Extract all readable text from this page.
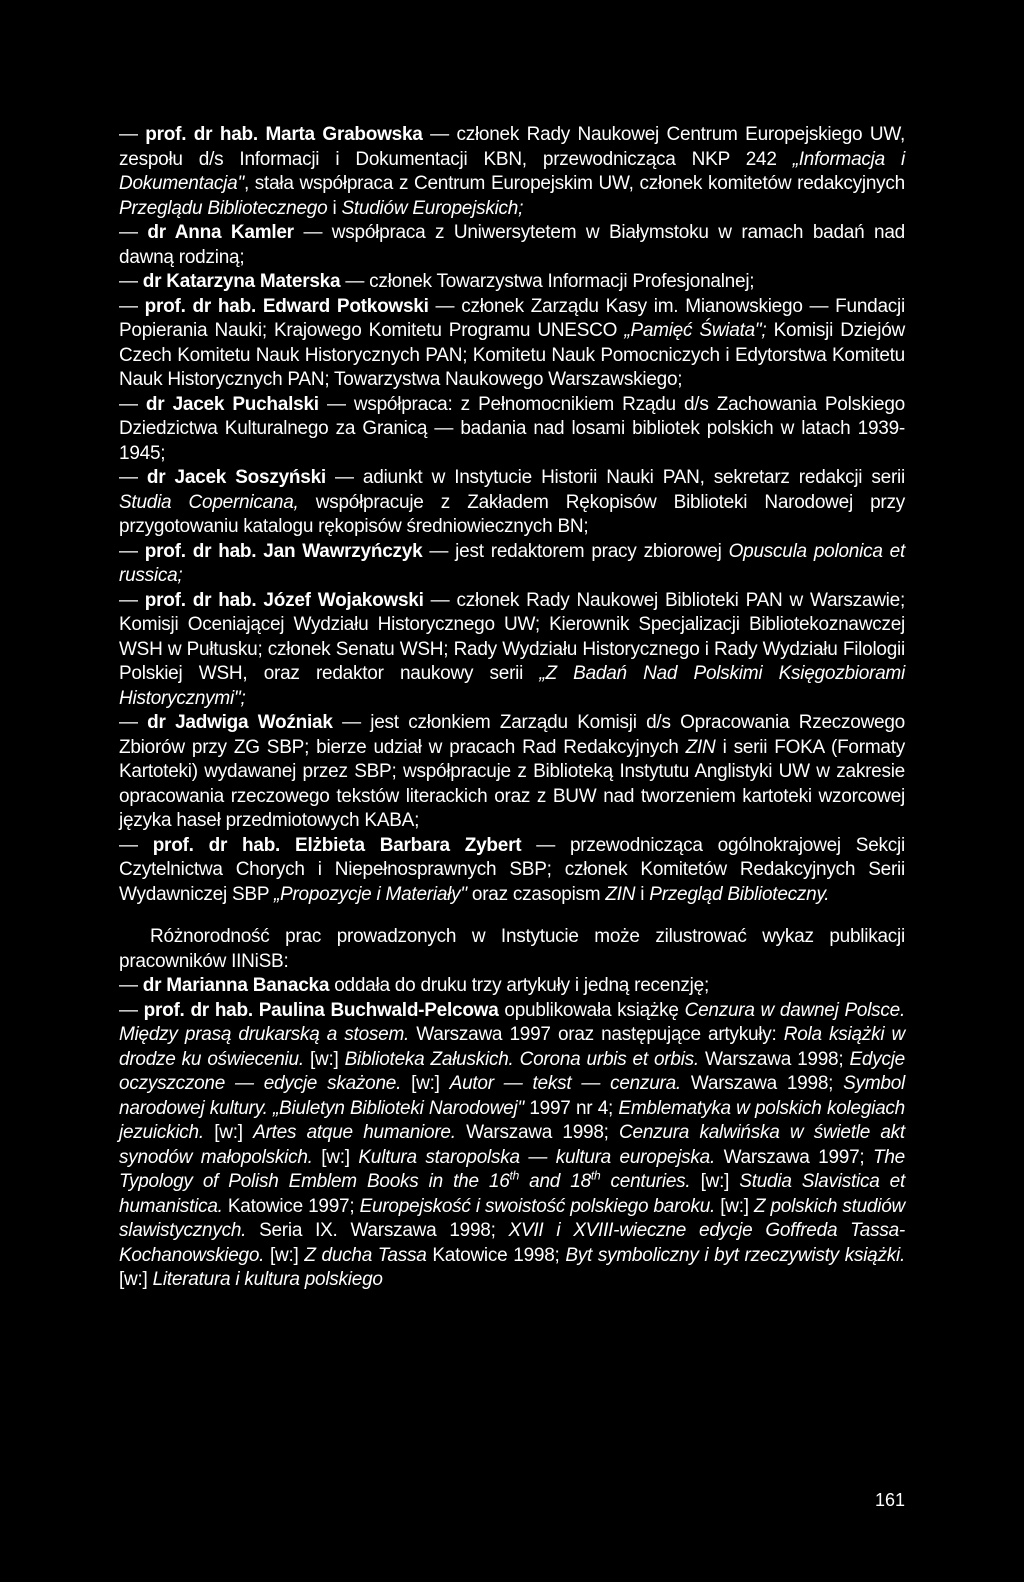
— prof. dr hab. Marta Grabowska — członek Rady Naukowej Centrum Europejskiego UW, zespołu d/s Informacji i Dokumentacji KBN, przewodnicząca NKP 242 „Informacja i Dokumentacja", stała współpraca z Centrum Europejskim UW, członek komitetów redakcyjnych Przeglądu Bibliotecznego i Studiów Europejskich;

— dr Anna Kamler — współpraca z Uniwersytetem w Białymstoku w ramach badań nad dawną rodziną;

— dr Katarzyna Materska — członek Towarzystwa Informacji Profesjonalnej;

— prof. dr hab. Edward Potkowski — członek Zarządu Kasy im. Mianowskiego — Fundacji Popierania Nauki; Krajowego Komitetu Programu UNESCO „Pamięć Świata"; Komisji Dziejów Czech Komitetu Nauk Historycznych PAN; Komitetu Nauk Pomocniczych i Edytorstwa Komitetu Nauk Historycznych PAN; Towarzystwa Naukowego Warszawskiego;

— dr Jacek Puchalski — współpraca: z Pełnomocnikiem Rządu d/s Zachowania Polskiego Dziedzictwa Kulturalnego za Granicą — badania nad losami bibliotek polskich w latach 1939-1945;

— dr Jacek Soszyński — adiunkt w Instytucie Historii Nauki PAN, sekretarz redakcji serii Studia Copernicana, współpracuje z Zakładem Rękopisów Biblioteki Narodowej przy przygotowaniu katalogu rękopisów średniowiecznych BN;

— prof. dr hab. Jan Wawrzyńczyk — jest redaktorem pracy zbiorowej Opuscula polonica et russica;

— prof. dr hab. Józef Wojakowski — członek Rady Naukowej Biblioteki PAN w Warszawie; Komisji Oceniającej Wydziału Historycznego UW; Kierownik Specjalizacji Bibliotekoznawczej WSH w Pułtusku; członek Senatu WSH; Rady Wydziału Historycznego i Rady Wydziału Filologii Polskiej WSH, oraz redaktor naukowy serii „Z Badań Nad Polskimi Księgozbiorami Historycznymi";

— dr Jadwiga Woźniak — jest członkiem Zarządu Komisji d/s Opracowania Rzeczowego Zbiorów przy ZG SBP; bierze udział w pracach Rad Redakcyjnych ZIN i serii FOKA (Formaty Kartoteki) wydawanej przez SBP; współpracuje z Biblioteką Instytutu Anglistyki UW w zakresie opracowania rzeczowego tekstów literackich oraz z BUW nad tworzeniem kartoteki wzorcowej języka haseł przedmiotowych KABA;

— prof. dr hab. Elżbieta Barbara Zybert — przewodnicząca ogólnokrajowej Sekcji Czytelnictwa Chorych i Niepełnosprawnych SBP; członek Komitetów Redakcyjnych Serii Wydawniczej SBP „Propozycje i Materiały" oraz czasopism ZIN i Przegląd Biblioteczny.

Różnorodność prac prowadzonych w Instytucie może zilustrować wykaz publikacji pracowników IINiSB:

— dr Marianna Banacka oddała do druku trzy artykuły i jedną recenzję;

— prof. dr hab. Paulina Buchwald-Pelcowa opublikowała książkę Cenzura w dawnej Polsce. Między prasą drukarską a stosem. Warszawa 1997 oraz następujące artykuły: Rola książki w drodze ku oświeceniu. [w:] Biblioteka Załuskich. Corona urbis et orbis. Warszawa 1998; Edycje oczyszczone — edycje skażone. [w:] Autor — tekst — cenzura. Warszawa 1998; Symbol narodowej kultury. „Biuletyn Biblioteki Narodowej" 1997 nr 4; Emblematyka w polskich kolegiach jezuickich. [w:] Artes atque humaniore. Warszawa 1998; Cenzura kalwińska w świetle akt synodów małopolskich. [w:] Kultura staropolska — kultura europejska. Warszawa 1997; The Typology of Polish Emblem Books in the 16th and 18th centuries. [w:] Studia Slavistica et humanistica. Katowice 1997; Europejskość i swoistość polskiego baroku. [w:] Z polskich studiów slawistycznych. Seria IX. Warszawa 1998; XVII i XVIII-wieczne edycje Goffreda Tassa-Kochanowskiego. [w:] Z ducha Tassa Katowice 1998; Byt symboliczny i byt rzeczywisty książki. [w:] Literatura i kultura polskiego

161
